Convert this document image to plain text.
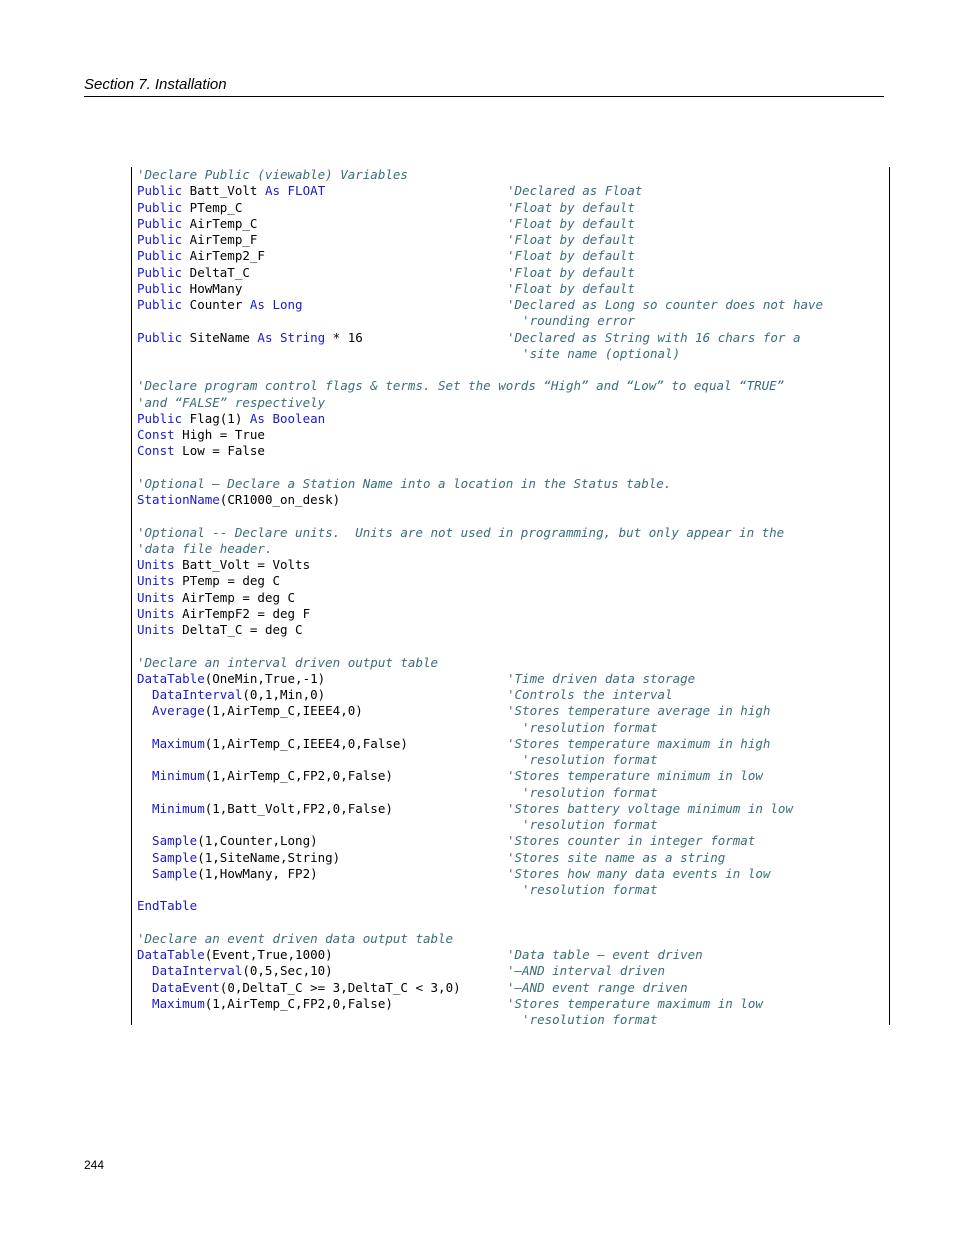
Section 7. Installation
'Declare Public (viewable) Variables
Public Batt_Volt As FLOAT	'Declared as Float
Public PTemp_C	'Float by default
Public AirTemp_C	'Float by default
Public AirTemp_F	'Float by default
Public AirTemp2_F	'Float by default
Public DeltaT_C	'Float by default
Public HowMany	'Float by default
Public Counter As Long	'Declared as Long so counter does not have
'rounding error
Public SiteName As String * 16	'Declared as String with 16 chars for a
'site name (optional)
'Declare program control flags & terms. Set the words “High” and “Low” to equal “TRUE”
'and “FALSE” respectively
Public Flag(1) As Boolean
Const High = True
Const Low = False
'Optional – Declare a Station Name into a location in the Status table.
StationName(CR1000_on_desk)
'Optional -- Declare units.  Units are not used in programming, but only appear in the
'data file header.
Units Batt_Volt = Volts
Units PTemp = deg C
Units AirTemp = deg C
Units AirTempF2 = deg F
Units DeltaT_C = deg C
'Declare an interval driven output table
DataTable(OneMin,True,-1)	'Time driven data storage
DataInterval(0,1,Min,0)	'Controls the interval
Average(1,AirTemp_C,IEEE4,0)	'Stores temperature average in high
'resolution format
Maximum(1,AirTemp_C,IEEE4,0,False)	'Stores temperature maximum in high
'resolution format
Minimum(1,AirTemp_C,FP2,0,False)	'Stores temperature minimum in low
'resolution format
Minimum(1,Batt_Volt,FP2,0,False)	'Stores battery voltage minimum in low
'resolution format
Sample(1,Counter,Long)	'Stores counter in integer format
Sample(1,SiteName,String)	'Stores site name as a string
Sample(1,HowMany, FP2)	'Stores how many data events in low
'resolution format
EndTable
'Declare an event driven data output table
DataTable(Event,True,1000)	'Data table – event driven
DataInterval(0,5,Sec,10)	'–AND interval driven
DataEvent(0,DeltaT_C >= 3,DeltaT_C < 3,0)	'–AND event range driven
Maximum(1,AirTemp_C,FP2,0,False)	'Stores temperature maximum in low
'resolution format
244
